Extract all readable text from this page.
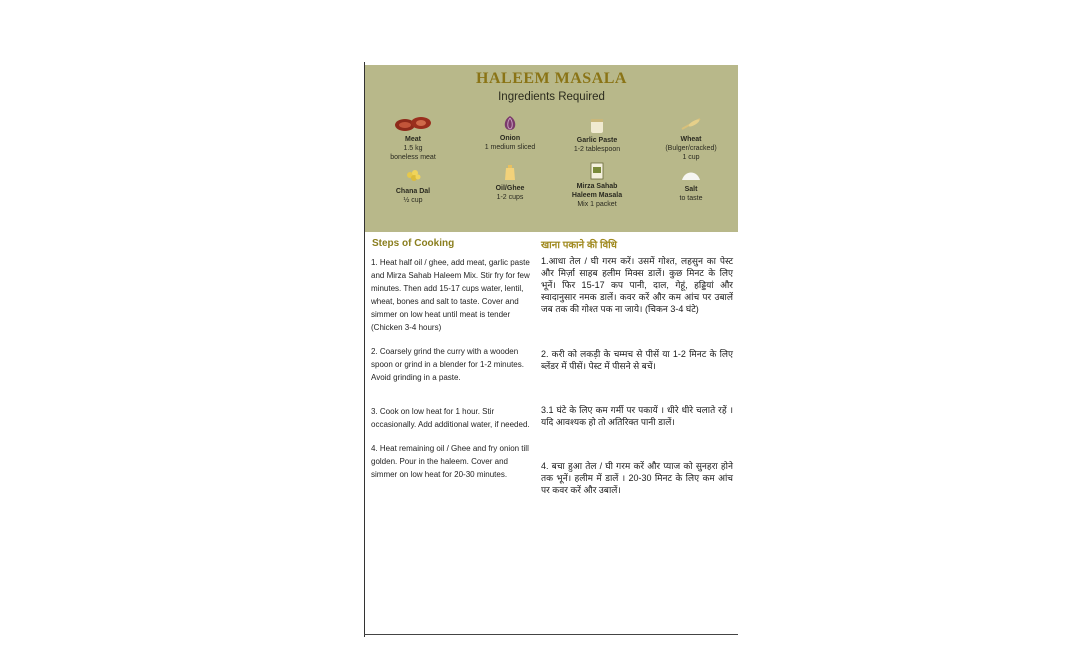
HALEEM MASALA
Ingredients Required
Meat
1.5 kg
boneless meat
Onion
1 medium sliced
Garlic Paste
1-2 tablespoon
Wheat
(Bulger/cracked)
1 cup
Chana Dal
½ cup
Oil/Ghee
1-2 cups
Mirza Sahab
Haleem Masala
Mix 1 packet
Salt
to taste
Steps of Cooking
1. Heat half oil / ghee, add meat, garlic paste and Mirza Sahab Haleem Mix. Stir fry for few minutes. Then add 15-17 cups water, lentil, wheat, bones and salt to taste. Cover and simmer on low heat until meat is tender (Chicken 3-4 hours)
2. Coarsely grind the curry with a wooden spoon or grind in a blender for 1-2 minutes. Avoid grinding in a paste.
3. Cook on low heat for 1 hour. Stir occasionally. Add additional water, if needed.
4. Heat remaining oil / Ghee and fry onion till golden. Pour in the haleem. Cover and simmer on low heat for 20-30 minutes.
खाना पकाने की विधि
1.आधा तेल / घी गरम करें। उसमें गोश्त, लहसुन का पेस्ट और मिर्ज़ा साहब हलीम मिक्स डालें। कुछ मिनट के लिए भूनें। फिर 15-17 कप पानी, दाल, गेहूं, हड्डियां और स्वादानुसार नमक डालें। कवर करें और कम आंच पर उबालें जब तक की गोश्त पक ना जाये। (चिकन 3-4 घंटे)
2. करी को लकड़ी के चम्मच से पीसें या 1-2 मिनट के लिए ब्लेंडर में पीसें। पेस्ट में पीसने से बचें।
3.1 घंटे के लिए कम गर्मी पर पकायें । धीरे धीरे चलाते रहें । यदि आवश्यक हो तो अतिरिक्त पानी डालें।
4. बचा हुआ तेल / घी गरम करें और प्याज को सुनहरा होने तक भूनें। हलीम में डालें । 20-30 मिनट के लिए कम आंच पर कवर करें और उबालें।
